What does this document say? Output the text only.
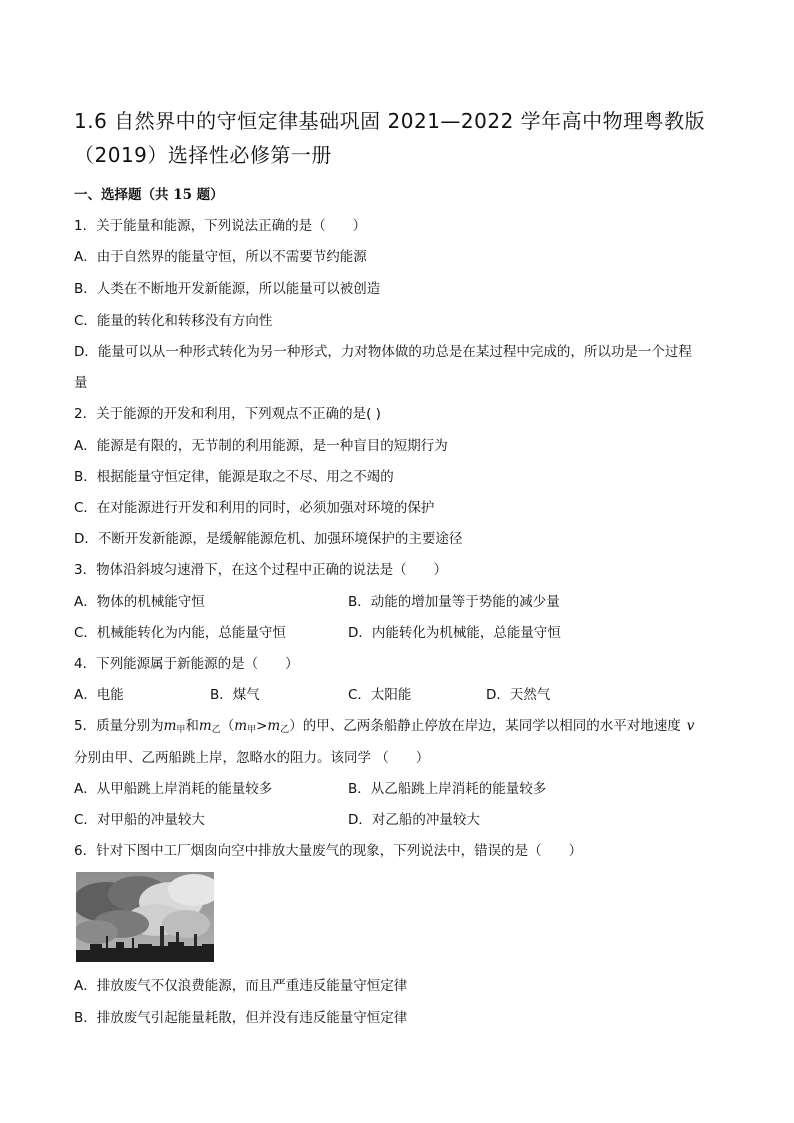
1.6 自然界中的守恒定律基础巩固 2021—2022 学年高中物理粤教版
（2019）选择性必修第一册
一、选择题（共 15 题）
1．关于能量和能源，下列说法正确的是（　　）
A．由于自然界的能量守恒，所以不需要节约能源
B．人类在不断地开发新能源，所以能量可以被创造
C．能量的转化和转移没有方向性
D．能量可以从一种形式转化为另一种形式，力对物体做的功总是在某过程中完成的，所以功是一个过程
量
2．关于能源的开发和利用，下列观点不正确的是( )
A．能源是有限的，无节制的利用能源，是一种盲目的短期行为
B．根据能量守恒定律，能源是取之不尽、用之不竭的
C．在对能源进行开发和利用的同时，必须加强对环境的保护
D．不断开发新能源，是缓解能源危机、加强环境保护的主要途径
3．物体沿斜坡匀速滑下，在这个过程中正确的说法是（　　）
A．物体的机械能守恒	B．动能的增加量等于势能的减少量
C．机械能转化为内能，总能量守恒	D．内能转化为机械能，总能量守恒
4．下列能源属于新能源的是（　　）
A．电能	B．煤气	C．太阳能	D．天然气
5．质量分别为$m_甲$和$m_乙(m_甲>m_乙)$的甲、乙两条船静止停放在岸边，某同学以相同的水平对地速度 v
分别由甲、乙两船跳上岸，忽略水的阻力。该同学 （　　）
A．从甲船跳上岸消耗的能量较多	B．从乙船跳上岸消耗的能量较多
C．对甲船的冲量较大	D．对乙船的冲量较大
6．针对下图中工厂烟囱向空中排放大量废气的现象，下列说法中，错误的是（　　）
A．排放废气不仅浪费能源，而且严重违反能量守恒定律
B．排放废气引起能量耗散，但并没有违反能量守恒定律
